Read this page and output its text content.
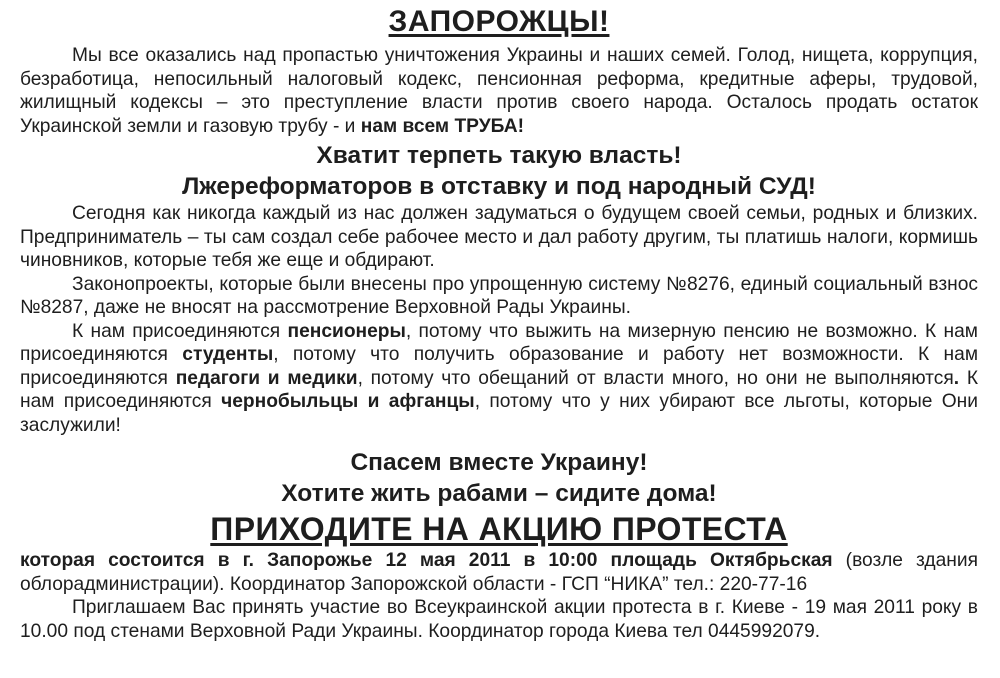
ЗАПОРОЖЦЫ!

Мы все оказались над пропастью уничтожения Украины и наших семей. Голод, нищета, коррупция, безработица, непосильный налоговый кодекс, пенсионная реформа, кредитные аферы, трудовой, жилищный кодексы – это преступление власти против своего народа. Осталось продать остаток Украинской земли и газовую трубу - и нам всем ТРУБА!

Хватит терпеть такую власть!

Лжереформаторов в отставку и под народный СУД!

Сегодня как никогда каждый из нас должен задуматься о будущем своей семьи, родных и близких. Предприниматель – ты сам создал себе рабочее место и дал работу другим, ты платишь налоги, кормишь чиновников, которые тебя же еще и обдирают.

Законопроекты, которые были внесены про упрощенную систему №8276, единый социальный взнос №8287, даже не вносят на рассмотрение Верховной Рады Украины.

К нам присоединяются пенсионеры, потому что выжить на мизерную пенсию не возможно. К нам присоединяются студенты, потому что получить образование и работу нет возможности. К нам присоединяются педагоги и медики, потому что обещаний от власти много, но они не выполняются. К нам присоединяются чернобыльцы и афганцы, потому что у них убирают все льготы, которые Они заслужили!

Спасем вместе Украину!

Хотите жить рабами – сидите дома!

ПРИХОДИТЕ НА АКЦИЮ ПРОТЕСТА

которая состоится в г. Запорожье 12 мая 2011 в 10:00 площадь Октябрьская (возле здания облорадминистрации). Координатор Запорожской области - ГСП “НИКА” тел.: 220-77-16

Приглашаем Вас принять участие во Всеукраинской акции протеста в г. Киеве - 19 мая 2011 року в 10.00 под стенами Верховной Ради Украины. Координатор города Киева тел 0445992079.
